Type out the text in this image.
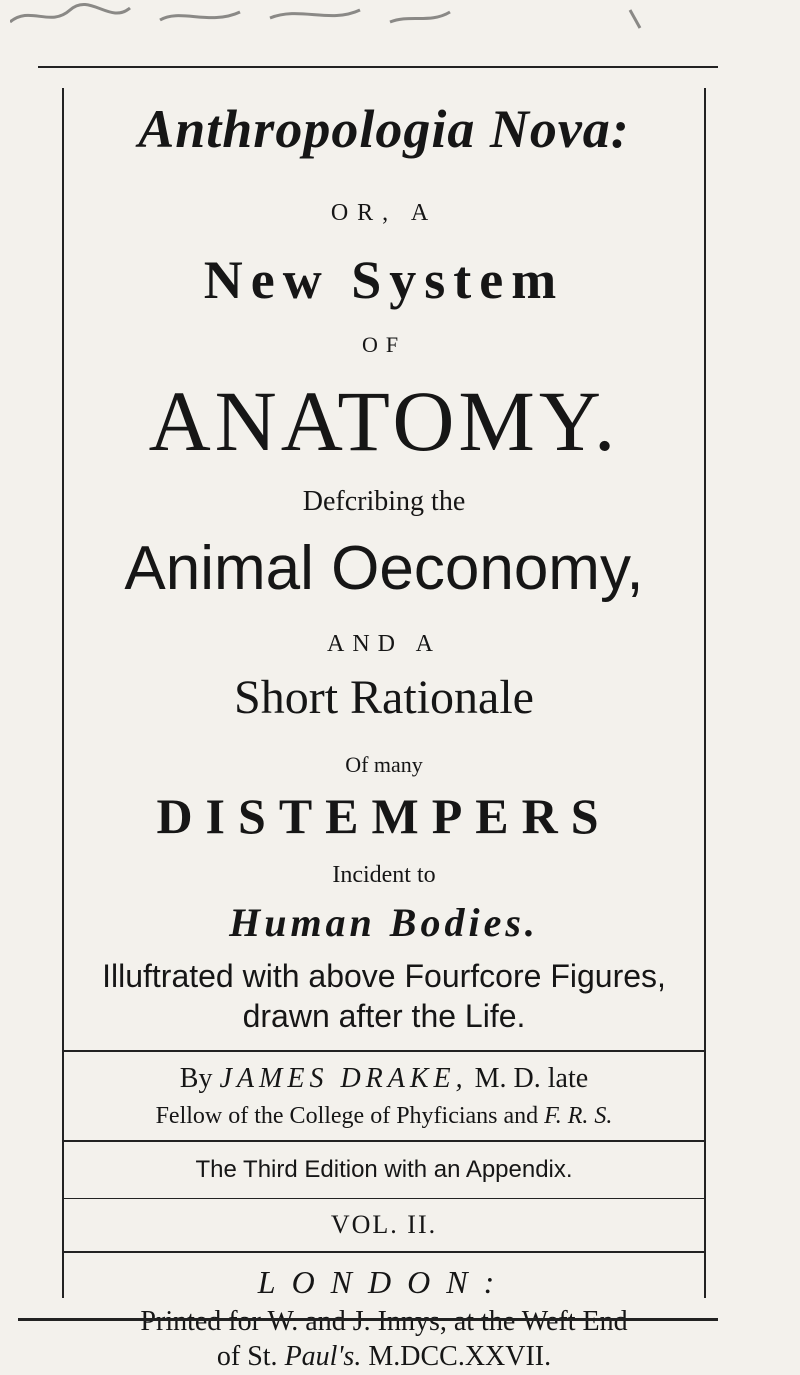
Anthropologia Nova:
OR, A
New System
OF
ANATOMY.
Defcribing the
Animal Oeconomy,
AND A
Short Rationale
Of many
DISTEMPERS
Incident to
Human Bodies.
Illuftrated with above Fourfcore Figures,
drawn after the Life.
By JAMES DRAKE, M. D. late
Fellow of the College of Phyficians and F. R. S.
The Third Edition with an Appendix.
VOL. II.
LONDON:
Printed for W. and J. Innys, at the Weft End
of St. Paul's. M.DCC.XXVII.
